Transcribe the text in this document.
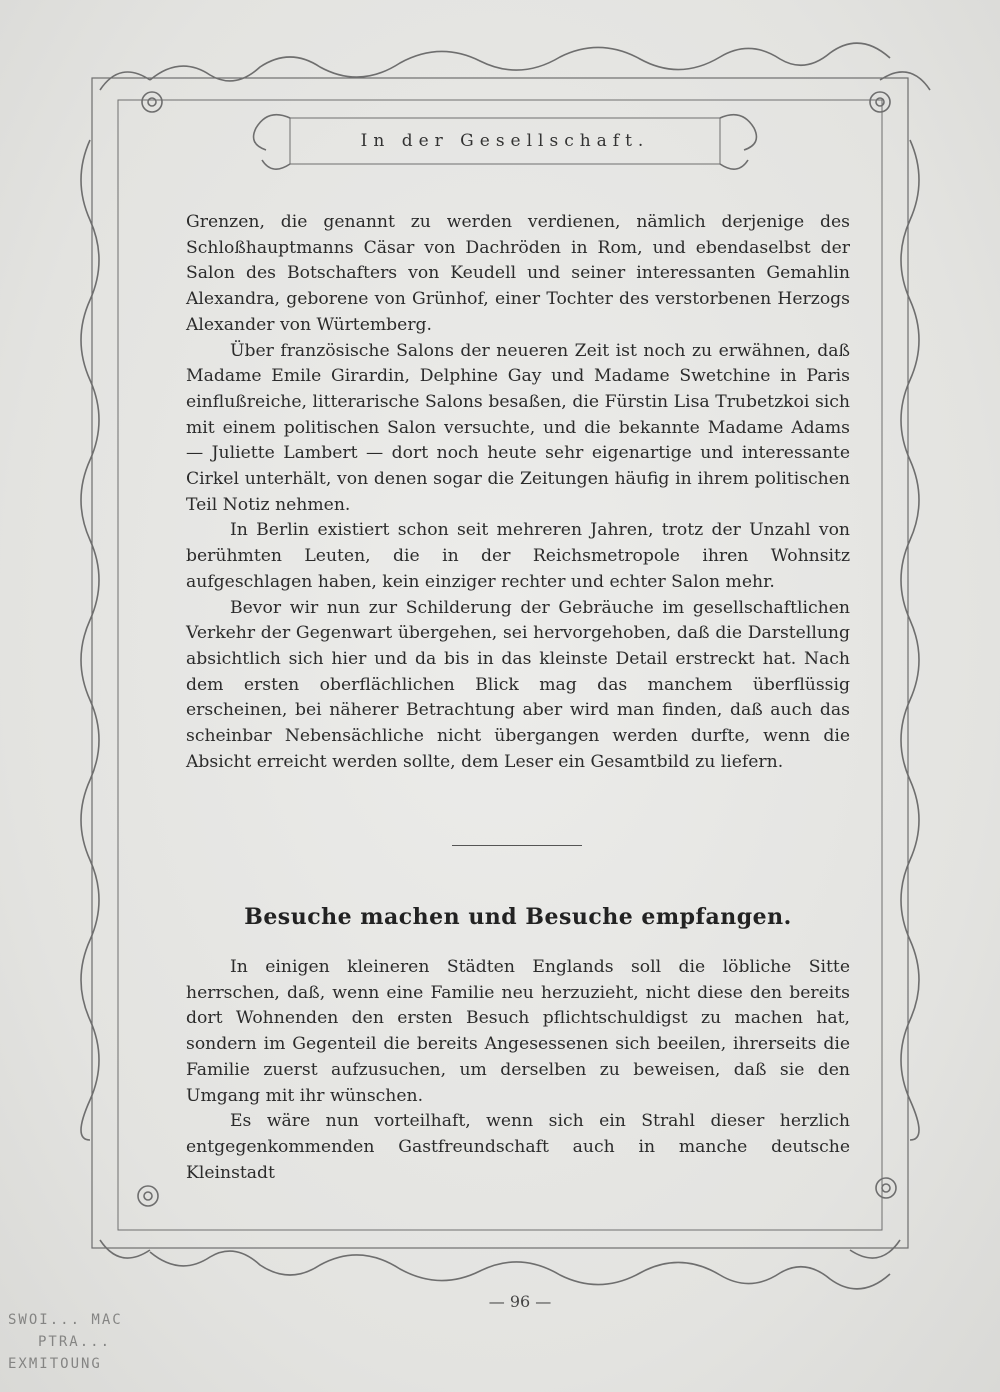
In der Gesellschaft.

Grenzen, die genannt zu werden verdienen, nämlich derjenige des Schloßhauptmanns Cäsar von Dachröden in Rom, und ebendaselbst der Salon des Botschafters von Keudell und seiner interessanten Gemahlin Alexandra, geborene von Grünhof, einer Tochter des verstorbenen Herzogs Alexander von Würtemberg.

Über französische Salons der neueren Zeit ist noch zu erwähnen, daß Madame Emile Girardin, Delphine Gay und Madame Swetchine in Paris einflußreiche, litterarische Salons besaßen, die Fürstin Lisa Trubetzkoi sich mit einem politischen Salon versuchte, und die bekannte Madame Adams — Juliette Lambert — dort noch heute sehr eigenartige und interessante Cirkel unterhält, von denen sogar die Zeitungen häufig in ihrem politischen Teil Notiz nehmen.

In Berlin existiert schon seit mehreren Jahren, trotz der Unzahl von berühmten Leuten, die in der Reichsmetropole ihren Wohnsitz aufgeschlagen haben, kein einziger rechter und echter Salon mehr.

Bevor wir nun zur Schilderung der Gebräuche im gesellschaftlichen Verkehr der Gegenwart übergehen, sei hervorgehoben, daß die Darstellung absichtlich sich hier und da bis in das kleinste Detail erstreckt hat. Nach dem ersten oberflächlichen Blick mag das manchem überflüssig erscheinen, bei näherer Betrachtung aber wird man finden, daß auch das scheinbar Nebensächliche nicht übergangen werden durfte, wenn die Absicht erreicht werden sollte, dem Leser ein Gesamtbild zu liefern.

Besuche machen und Besuche empfangen.

In einigen kleineren Städten Englands soll die löbliche Sitte herrschen, daß, wenn eine Familie neu herzuzieht, nicht diese den bereits dort Wohnenden den ersten Besuch pflichtschuldigst zu machen hat, sondern im Gegenteil die bereits Angesessenen sich beeilen, ihrerseits die Familie zuerst aufzusuchen, um derselben zu beweisen, daß sie den Umgang mit ihr wünschen.

Es wäre nun vorteilhaft, wenn sich ein Strahl dieser herzlich entgegenkommenden Gastfreundschaft auch in manche deutsche Kleinstadt

— 96 —
SWOI... MAC
PTRA...
EXMITOUNG
